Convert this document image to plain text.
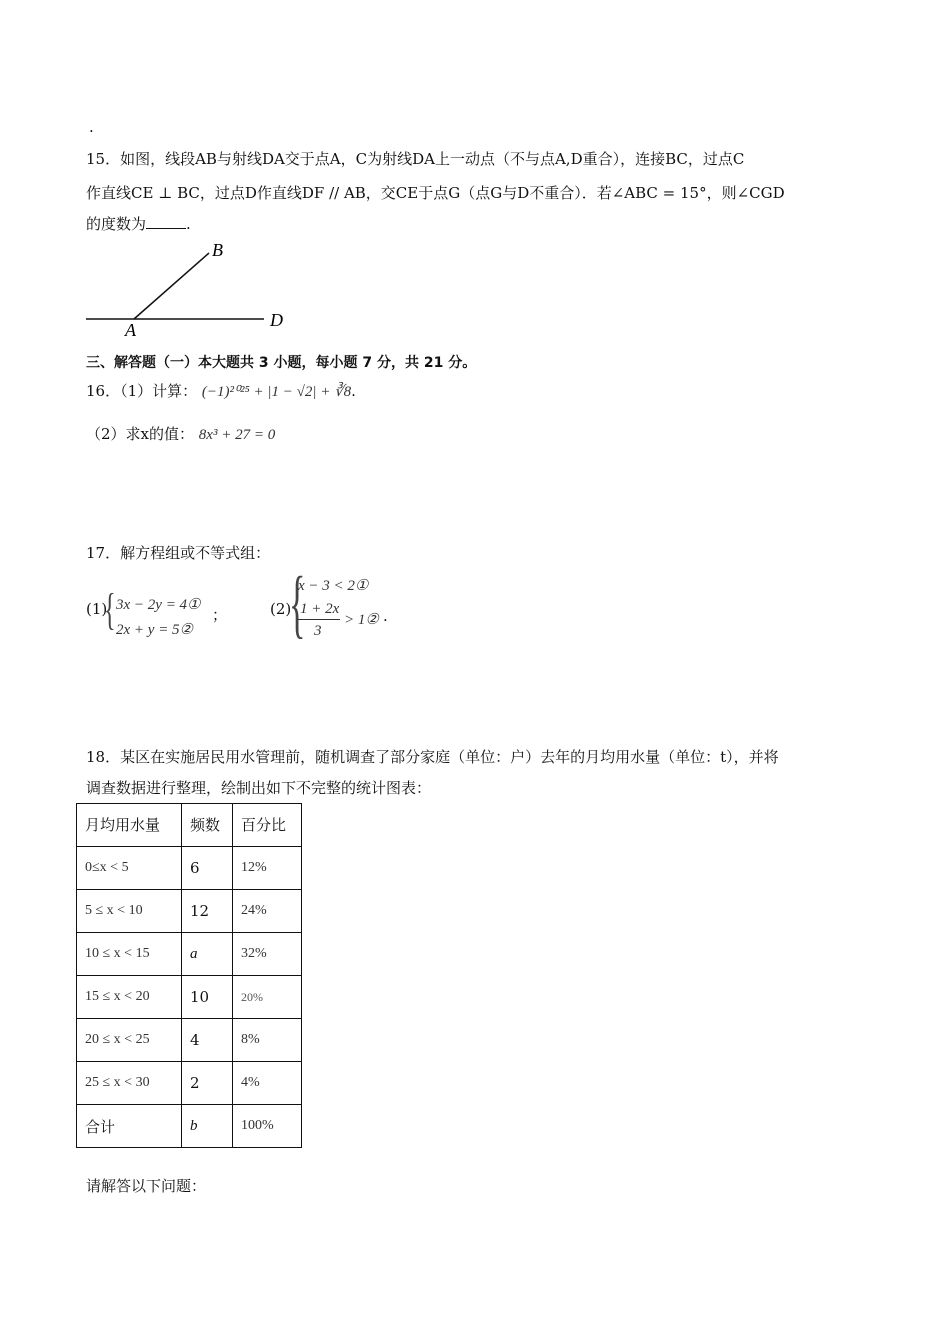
.
15．如图，线段AB与射线DA交于点A，C为射线DA上一动点（不与点A,D重合），连接BC，过点C
作直线CE ⊥ BC，过点D作直线DF // AB，交CE于点G（点G与D不重合）．若∠ABC = 15°，则∠CGD
的度数为	.
B
A	D
三、解答题（一）本大题共 3 小题，每小题 7 分，共 21 分。
16．（1）计算： (−1)²⁰²⁵ + |1 − √2| + ∛8.
（2）求x的值： 8x³ + 27 = 0
17．解方程组或不等式组：
(1)
{ 3x − 2y = 4①
2x + y = 5②
；	(2)
{
x − 3 < 2①
1 + 2x
> 1②
3
.
18．某区在实施居民用水管理前，随机调查了部分家庭（单位：户）去年的月均用水量（单位：t），并将
调查数据进行整理，绘制出如下不完整的统计图表：
月均用水量	频数	百分比
0≤x < 5	6	12%
5 ≤ x < 10	12	24%
10 ≤ x < 15	a	32%
15 ≤ x < 20	10	20%
20 ≤ x < 25	4	8%
25 ≤ x < 30	2	4%
合计	b	100%
请解答以下问题：
